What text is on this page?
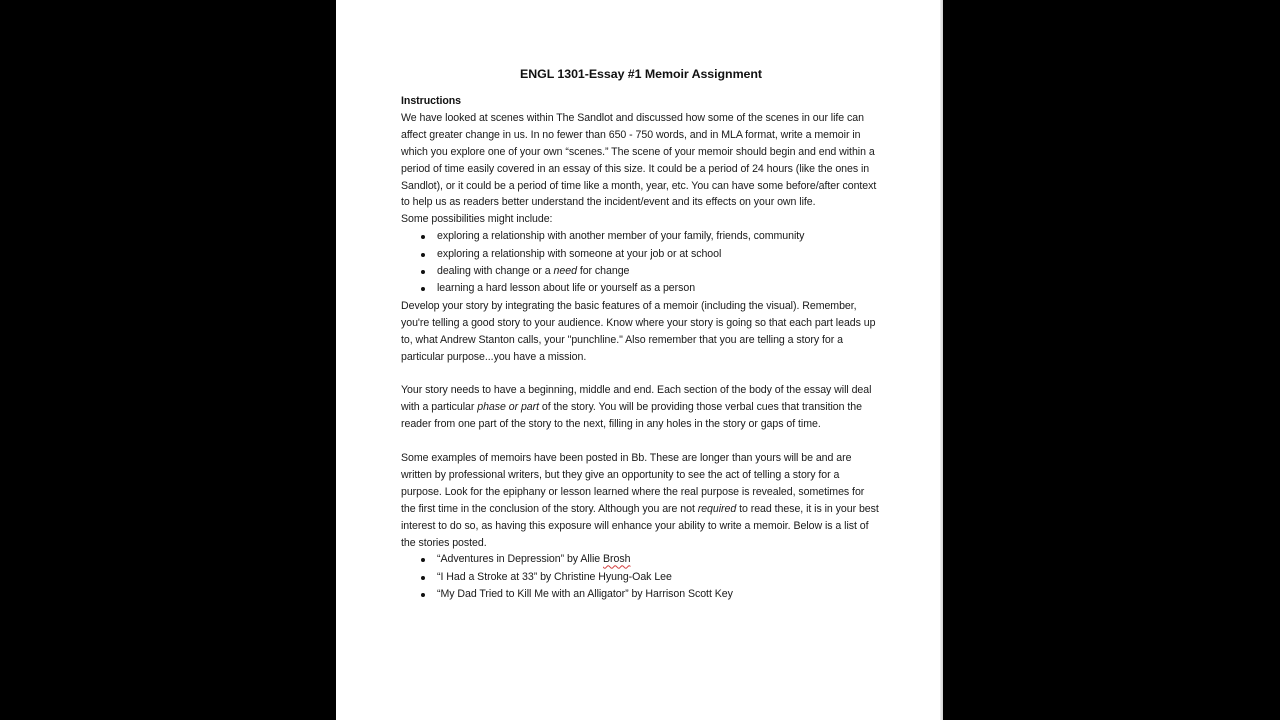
ENGL 1301-Essay #1 Memoir Assignment

Instructions

We have looked at scenes within The Sandlot and discussed how some of the scenes in our life can affect greater change in us. In no fewer than 650 - 750 words, and in MLA format, write a memoir in which you explore one of your own “scenes.” The scene of your memoir should begin and end within a period of time easily covered in an essay of this size. It could be a period of 24 hours (like the ones in Sandlot), or it could be a period of time like a month, year, etc. You can have some before/after context to help us as readers better understand the incident/event and its effects on your own life.

Some possibilities might include:

exploring a relationship with another member of your family, friends, community
exploring a relationship with someone at your job or at school
dealing with change or a need for change
learning a hard lesson about life or yourself as a person

Develop your story by integrating the basic features of a memoir (including the visual). Remember, you're telling a good story to your audience. Know where your story is going so that each part leads up to, what Andrew Stanton calls, your "punchline." Also remember that you are telling a story for a particular purpose...you have a mission.

Your story needs to have a beginning, middle and end. Each section of the body of the essay will deal with a particular phase or part of the story. You will be providing those verbal cues that transition the reader from one part of the story to the next, filling in any holes in the story or gaps of time.

Some examples of memoirs have been posted in Bb. These are longer than yours will be and are written by professional writers, but they give an opportunity to see the act of telling a story for a purpose. Look for the epiphany or lesson learned where the real purpose is revealed, sometimes for the first time in the conclusion of the story. Although you are not required to read these, it is in your best interest to do so, as having this exposure will enhance your ability to write a memoir. Below is a list of the stories posted.

“Adventures in Depression” by Allie Brosh
“I Had a Stroke at 33” by Christine Hyung-Oak Lee
“My Dad Tried to Kill Me with an Alligator” by Harrison Scott Key
